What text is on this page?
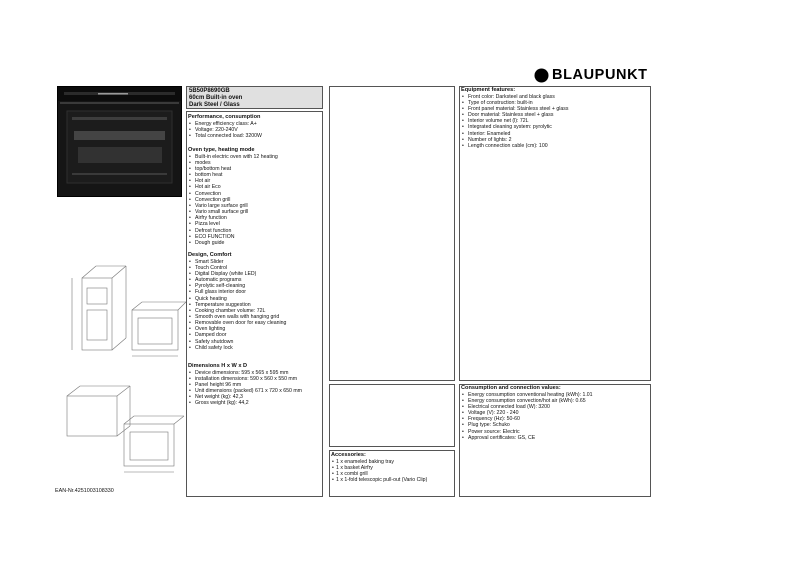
BLAUPUNKT
EAN-Nr.4251003108330
5B50P8690GB
60cm Built-in oven
Dark Steel / Glass
Performance, consumption
• Energy efficiency class: A+
• Voltage: 220-240V
• Total connected load: 3200W
Oven type, heating mode
• Built-in electric oven with 12 heating
• modes
• top/bottom heat
• bottom heat
• Hot air
• Hot air Eco
• Convection
• Convection grill
• Vario large surface grill
• Vario small surface grill
• Airfry function
• Pizza level
• Defrost function
• ECO FUNCTION
• Dough guide
Design, Comfort
• Smart Slider
• Touch Control
• Digital Display (white LED)
• Automatic programs
• Pyrolytic self-cleaning
• Full glass interior door
• Quick heating
• Temperature suggestion
• Cooking chamber volume: 72L
• Smooth oven walls with hanging grid
• Removable oven door for easy cleaning
• Oven lighting
• Damped door
• Safety shutdown
• Child safety lock
Dimensions H x W x D
• Device dimensions: 595 x 565 x 595 mm
• installation dimensions: 590 x 560 x 550 mm
• Panel height 96 mm
• Unit dimensions (packed) 671 x 720 x 650 mm
• Net weight (kg): 42,3
• Gross weight (kg): 44,2
Accessories:
• 1 x enameled baking tray
• 1 x basket Airfry
• 1 x combi grill
• 1 x 1-fold telescopic pull-out (Vario Clip)
Equipment features:
• Front color: Darksteel and black glass
• Type of construction: built-in
• Front panel material: Stainless steel + glass
• Door material: Stainless steel + glass
• Interior volume net (l): 72L
• Integrated cleaning system: pyrolytic
• Interior: Enameled
• Number of lights: 2
• Length connection cable (cm): 100
Consumption and connection values:
• Energy consumption conventional heating (kWh): 1.01
• Energy consumption convection/hot air (kWh): 0.65
• Electrical connected load (W): 3200
• Voltage (V): 220 - 240
• Frequency (Hz): 50-60
• Plug type: Schuko
• Power source: Electric
• Approval certificates: GS, CE
